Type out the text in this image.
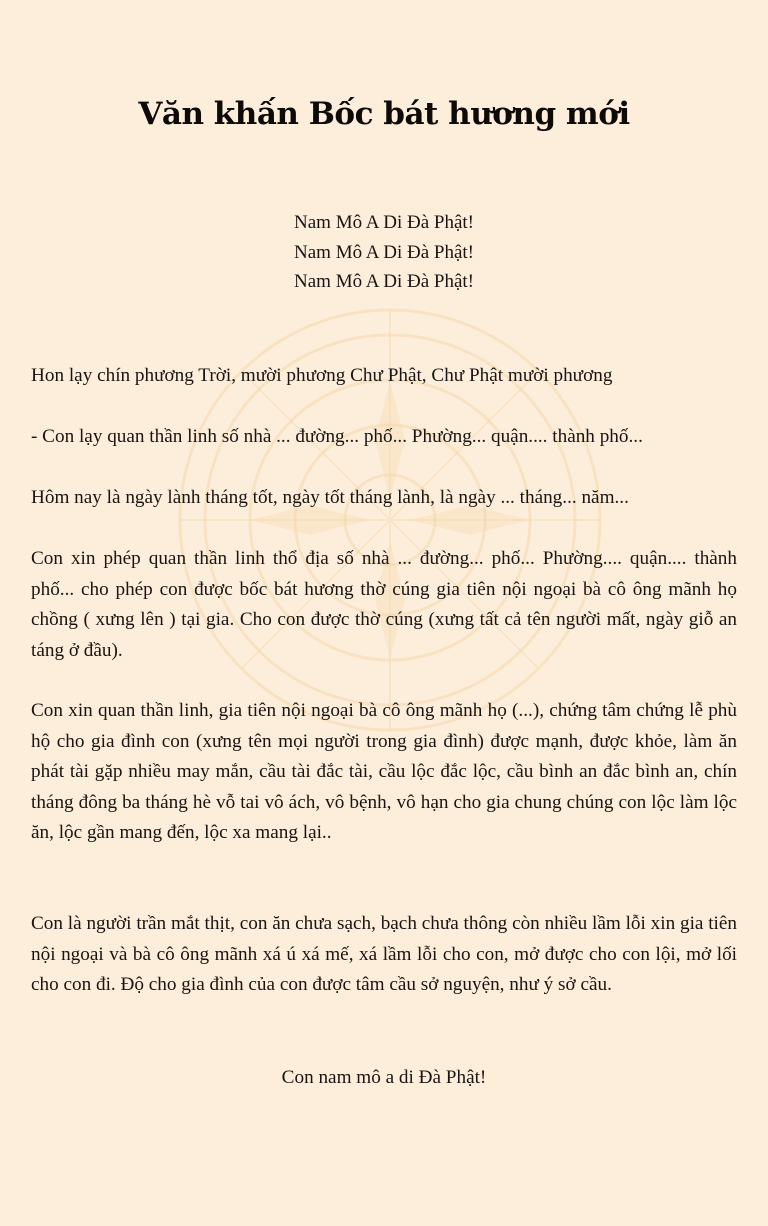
Văn khấn Bốc bát hương mới
Nam Mô A Di Đà Phật!
Nam Mô A Di Đà Phật!
Nam Mô A Di Đà Phật!

Hon lạy chín phương Trời, mười phương Chư Phật, Chư Phật mười phương

- Con lạy quan thần linh số nhà ... đường... phố... Phường... quận.... thành phố...

Hôm nay là ngày lành tháng tốt, ngày tốt tháng lành, là ngày ... tháng... năm...

Con xin phép quan thần linh thổ địa số nhà ... đường... phố... Phường.... quận.... thành phố... cho phép con được bốc bát hương thờ cúng gia tiên nội ngoại bà cô ông mãnh họ chồng ( xưng lên ) tại gia. Cho con được thờ cúng (xưng tất cả tên người mất, ngày giỗ an táng ở đầu).

Con xin quan thần linh, gia tiên nội ngoại bà cô ông mãnh họ (...), chứng tâm chứng lễ phù hộ cho gia đình con (xưng tên mọi người trong gia đình) được mạnh, được khỏe, làm ăn phát tài gặp nhiều may mắn, cầu tài đắc tài, cầu lộc đắc lộc, cầu bình an đắc bình an, chín tháng đông ba tháng hè vỗ tai vô ách, vô bệnh, vô hạn cho gia chung chúng con lộc làm lộc ăn, lộc gần mang đến, lộc xa mang lại..

Con là người trần mắt thịt, con ăn chưa sạch, bạch chưa thông còn nhiều lầm lỗi xin gia tiên nội ngoại và bà cô ông mãnh xá ú xá mế, xá lầm lỗi cho con, mở được cho con lội, mở lối cho con đi. Độ cho gia đình của con được tâm cầu sở nguyện, như ý sở cầu.

Con nam mô a di Đà Phật!
